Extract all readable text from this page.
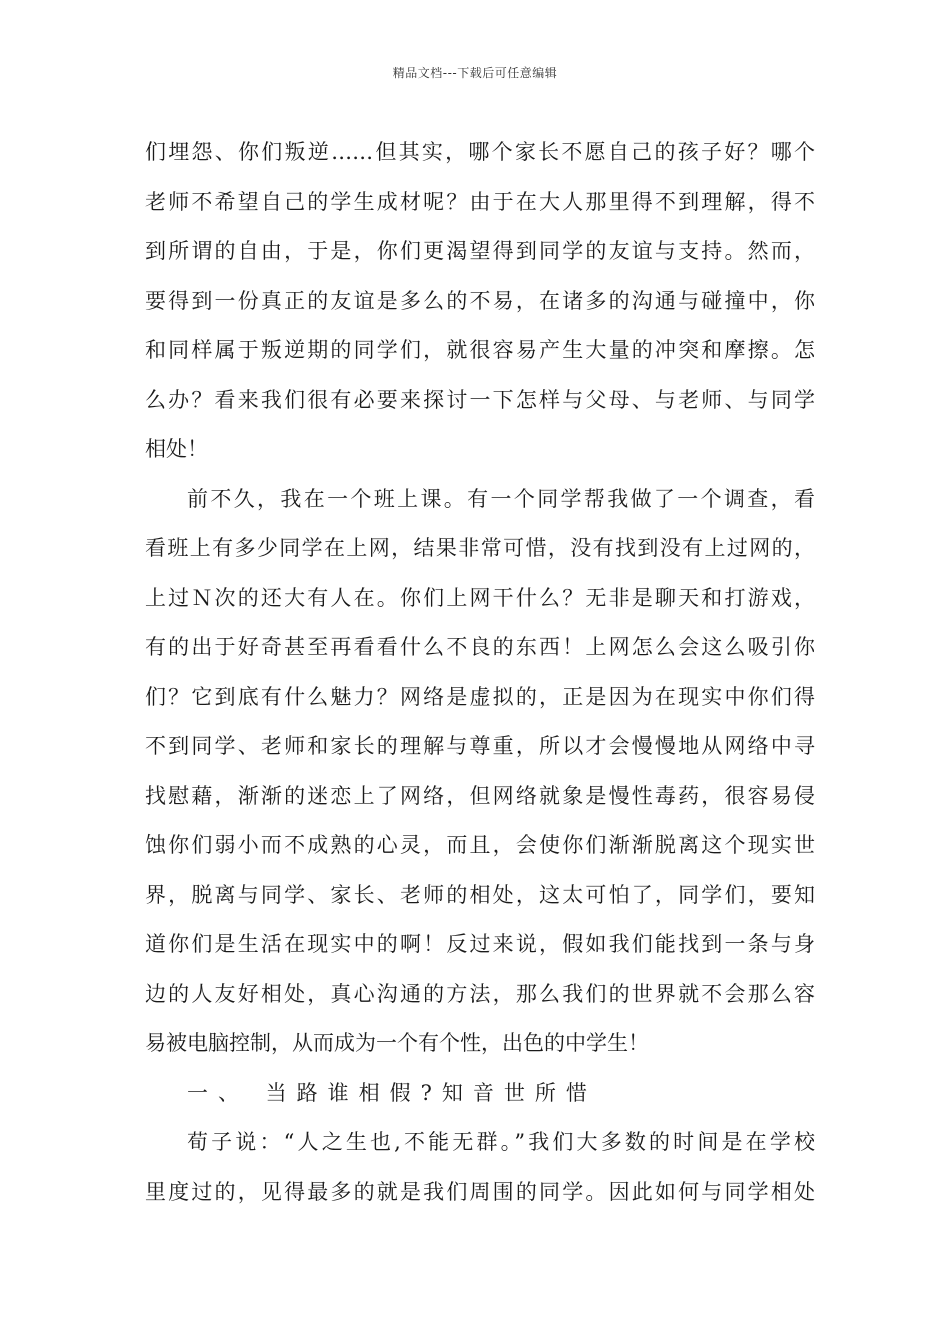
精品文档---下载后可任意编辑
们埋怨、你们叛逆……但其实，哪个家长不愿自己的孩子好？哪个
老师不希望自己的学生成材呢？由于在大人那里得不到理解，得不
到所谓的自由，于是，你们更渴望得到同学的友谊与支持。然而，
要得到一份真正的友谊是多么的不易，在诸多的沟通与碰撞中，你
和同样属于叛逆期的同学们，就很容易产生大量的冲突和摩擦。怎
么办？看来我们很有必要来探讨一下怎样与父母、与老师、与同学
相处！
前不久，我在一个班上课。有一个同学帮我做了一个调查，看
看班上有多少同学在上网，结果非常可惜，没有找到没有上过网的，
上过Ｎ次的还大有人在。你们上网干什么？无非是聊天和打游戏，
有的出于好奇甚至再看看什么不良的东西！上网怎么会这么吸引你
们？它到底有什么魅力？网络是虚拟的，正是因为在现实中你们得
不到同学、老师和家长的理解与尊重，所以才会慢慢地从网络中寻
找慰藉，渐渐的迷恋上了网络，但网络就象是慢性毒药，很容易侵
蚀你们弱小而不成熟的心灵，而且，会使你们渐渐脱离这个现实世
界，脱离与同学、家长、老师的相处，这太可怕了，同学们，要知
道你们是生活在现实中的啊！反过来说，假如我们能找到一条与身
边的人友好相处，真心沟通的方法，那么我们的世界就不会那么容
易被电脑控制，从而成为一个有个性，出色的中学生！
一、 当路谁相假?知音世所惜
荀子说：“人之生也,不能无群。”我们大多数的时间是在学校
里度过的，见得最多的就是我们周围的同学。因此如何与同学相处
